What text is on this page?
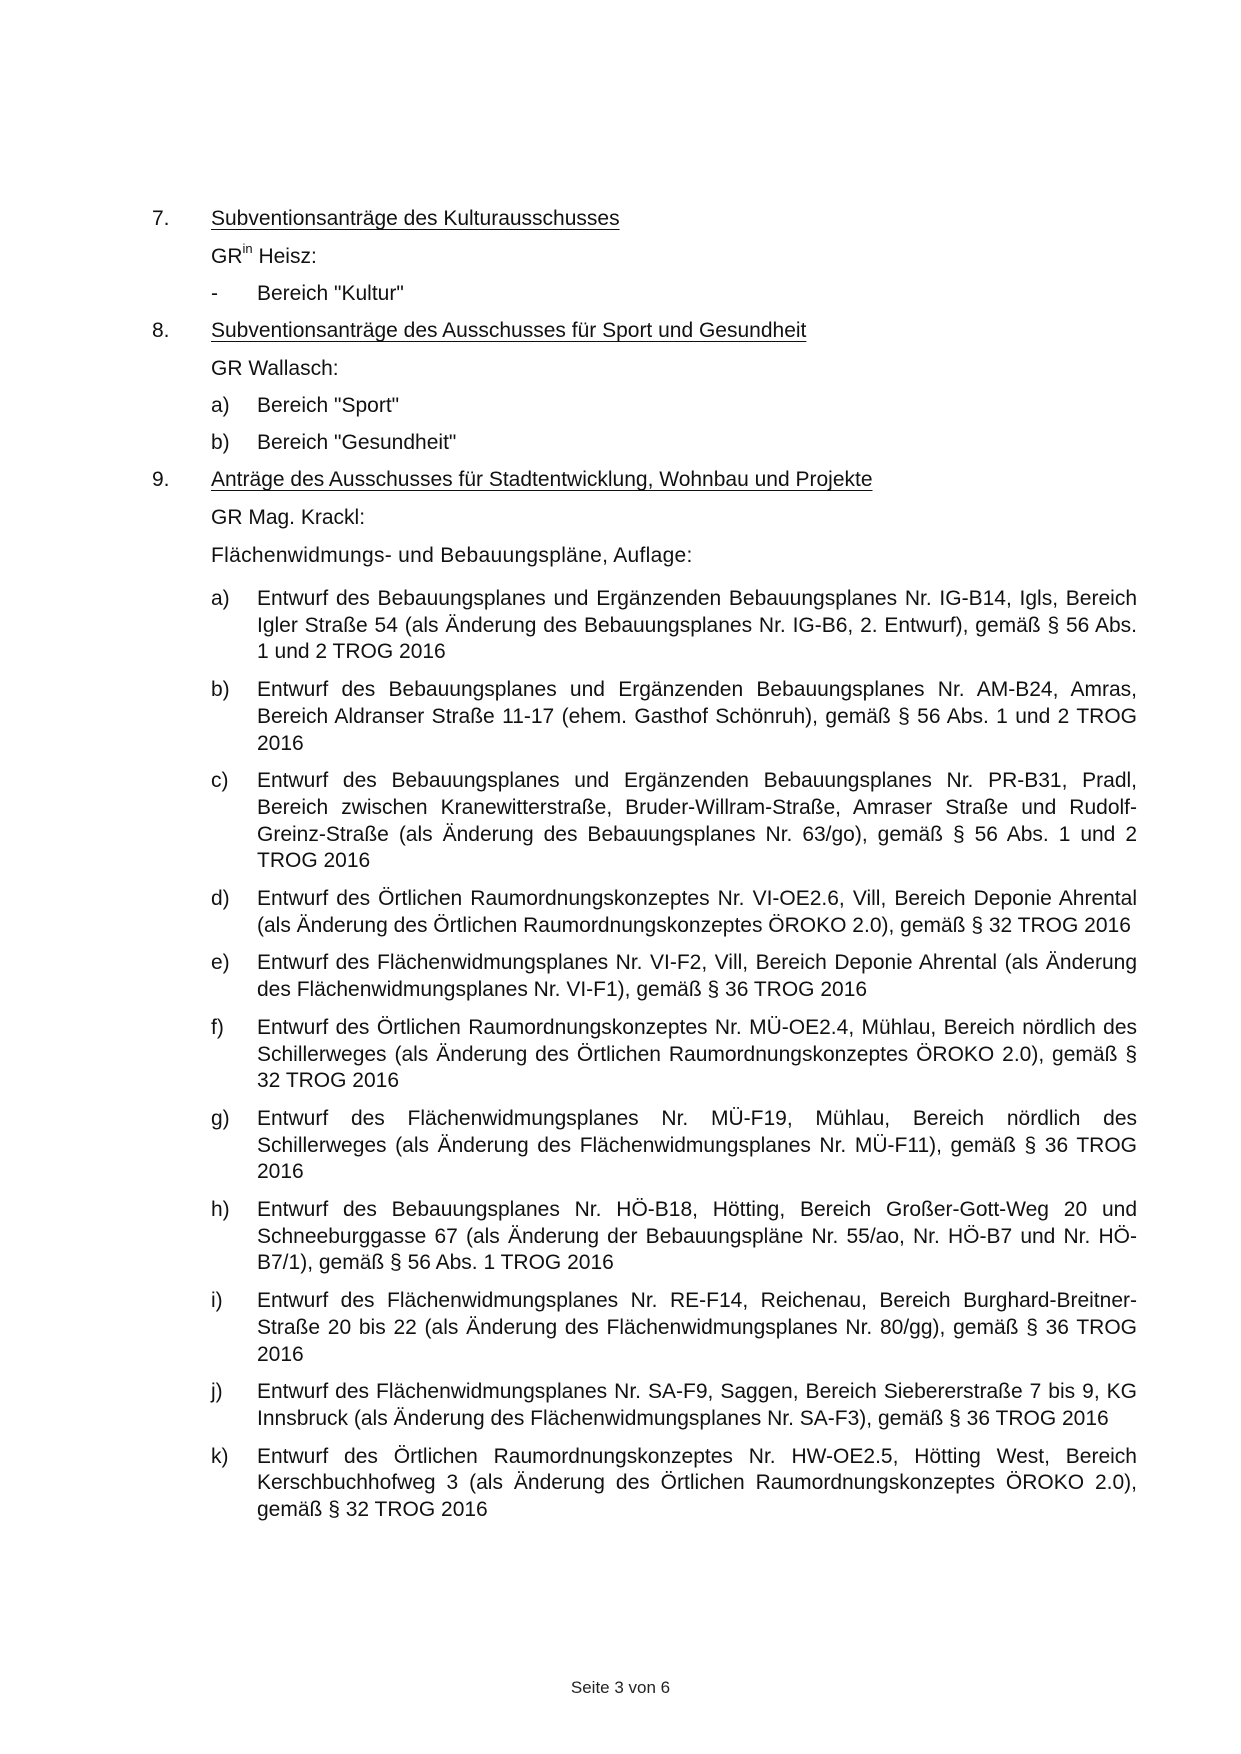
7. Subventionsanträge des Kulturausschusses
$GR^{in}$ Heisz:
- Bereich "Kultur"
8. Subventionsanträge des Ausschusses für Sport und Gesundheit
GR Wallasch:
a) Bereich "Sport"
b) Bereich "Gesundheit"
9. Anträge des Ausschusses für Stadtentwicklung, Wohnbau und Projekte
GR Mag. Krackl:
Flächenwidmungs- und Bebauungspläne, Auflage:
a) Entwurf des Bebauungsplanes und Ergänzenden Bebauungsplanes Nr. IG-B14, Igls, Bereich Igler Straße 54 (als Änderung des Bebauungsplanes Nr. IG-B6, 2. Entwurf), gemäß § 56 Abs. 1 und 2 TROG 2016
b) Entwurf des Bebauungsplanes und Ergänzenden Bebauungsplanes Nr. AM-B24, Amras, Bereich Aldranser Straße 11-17 (ehem. Gasthof Schönruh), gemäß § 56 Abs. 1 und 2 TROG 2016
c) Entwurf des Bebauungsplanes und Ergänzenden Bebauungsplanes Nr. PR-B31, Pradl, Bereich zwischen Kranewitterstraße, Bruder-Willram-Straße, Amraser Straße und Rudolf-Greinz-Straße (als Änderung des Bebauungsplanes Nr. 63/go), gemäß § 56 Abs. 1 und 2 TROG 2016
d) Entwurf des Örtlichen Raumordnungskonzeptes Nr. VI-OE2.6, Vill, Bereich Deponie Ahrental (als Änderung des Örtlichen Raumordnungskonzeptes ÖROKO 2.0), gemäß § 32 TROG 2016
e) Entwurf des Flächenwidmungsplanes Nr. VI-F2, Vill, Bereich Deponie Ahrental (als Änderung des Flächenwidmungsplanes Nr. VI-F1), gemäß § 36 TROG 2016
f) Entwurf des Örtlichen Raumordnungskonzeptes Nr. MÜ-OE2.4, Mühlau, Bereich nördlich des Schillerweges (als Änderung des Örtlichen Raumordnungskonzeptes ÖROKO 2.0), gemäß § 32 TROG 2016
g) Entwurf des Flächenwidmungsplanes Nr. MÜ-F19, Mühlau, Bereich nördlich des Schillerweges (als Änderung des Flächenwidmungsplanes Nr. MÜ-F11), gemäß § 36 TROG 2016
h) Entwurf des Bebauungsplanes Nr. HÖ-B18, Hötting, Bereich Großer-Gott-Weg 20 und Schneeburggasse 67 (als Änderung der Bebauungspläne Nr. 55/ao, Nr. HÖ-B7 und Nr. HÖ-B7/1), gemäß § 56 Abs. 1 TROG 2016
i) Entwurf des Flächenwidmungsplanes Nr. RE-F14, Reichenau, Bereich Burghard-Breitner-Straße 20 bis 22 (als Änderung des Flächenwidmungsplanes Nr. 80/gg), gemäß § 36 TROG 2016
j) Entwurf des Flächenwidmungsplanes Nr. SA-F9, Saggen, Bereich Siebererstraße 7 bis 9, KG Innsbruck (als Änderung des Flächenwidmungsplanes Nr. SA-F3), gemäß § 36 TROG 2016
k) Entwurf des Örtlichen Raumordnungskonzeptes Nr. HW-OE2.5, Hötting West, Bereich Kerschbuchhofweg 3 (als Änderung des Örtlichen Raumordnungskonzeptes ÖROKO 2.0), gemäß § 32 TROG 2016
Seite 3 von 6
